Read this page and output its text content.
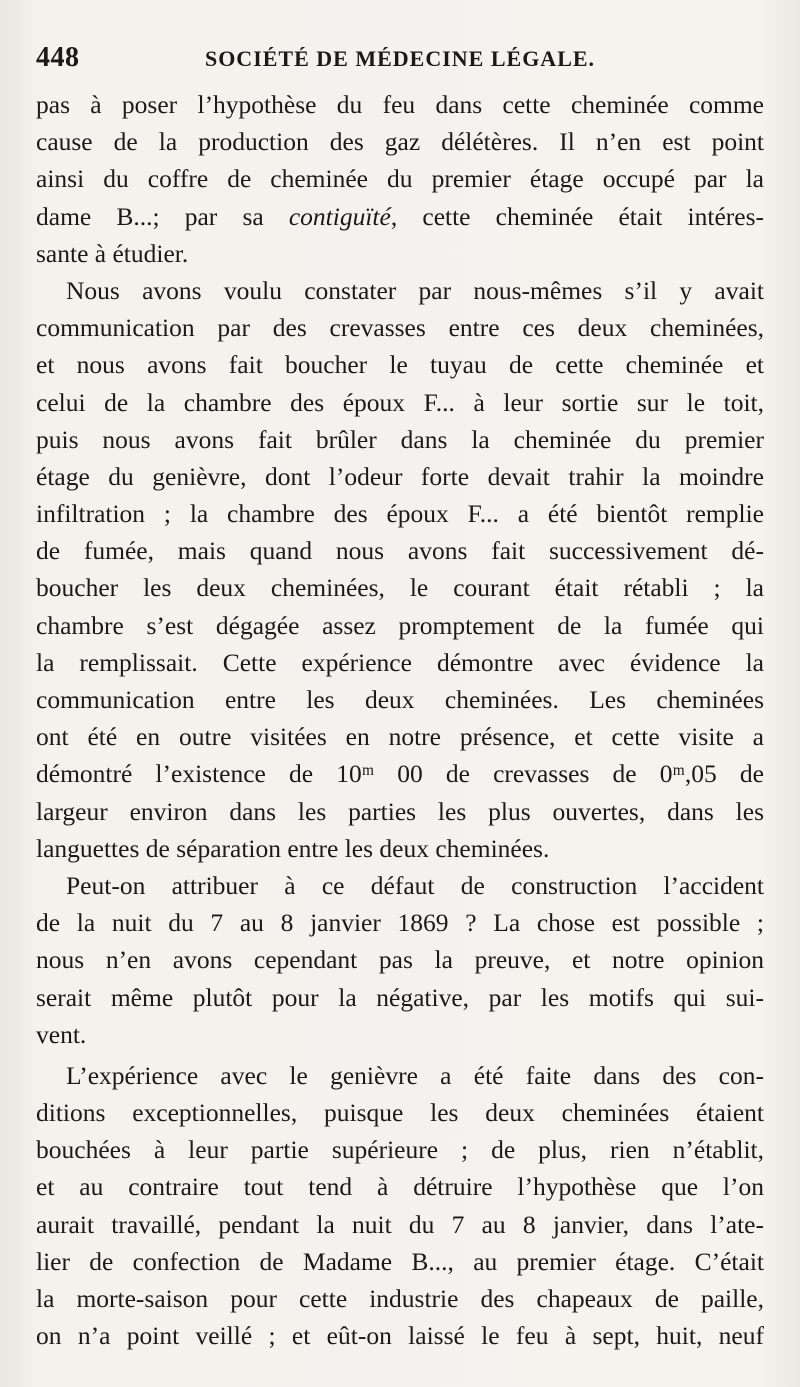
448	SOCIÉTÉ DE MÉDECINE LÉGALE.
pas à poser l’hypothèse du feu dans cette cheminée comme
cause de la production des gaz délétères. Il n’en est point
ainsi du coffre de cheminée du premier étage occupé par la
dame B...; par sa contiguïté, cette cheminée était intéres-
sante à étudier.
Nous avons voulu constater par nous-mêmes s’il y avait
communication par des crevasses entre ces deux cheminées,
et nous avons fait boucher le tuyau de cette cheminée et
celui de la chambre des époux F... à leur sortie sur le toit,
puis nous avons fait brûler dans la cheminée du premier
étage du genièvre, dont l’odeur forte devait trahir la moindre
infiltration ; la chambre des époux F... a été bientôt remplie
de fumée, mais quand nous avons fait successivement dé-
boucher les deux cheminées, le courant était rétabli ; la
chambre s’est dégagée assez promptement de la fumée qui
la remplissait. Cette expérience démontre avec évidence la
communication entre les deux cheminées. Les cheminées
ont été en outre visitées en notre présence, et cette visite a
démontré l’existence de 10ᵐ 00 de crevasses de 0ᵐ,05 de
largeur environ dans les parties les plus ouvertes, dans les
languettes de séparation entre les deux cheminées.
Peut-on attribuer à ce défaut de construction l’accident
de la nuit du 7 au 8 janvier 1869 ? La chose est possible ;
nous n’en avons cependant pas la preuve, et notre opinion
serait même plutôt pour la négative, par les motifs qui sui-
vent.
L’expérience avec le genièvre a été faite dans des con-
ditions exceptionnelles, puisque les deux cheminées étaient
bouchées à leur partie supérieure ; de plus, rien n’établit,
et au contraire tout tend à détruire l’hypothèse que l’on
aurait travaillé, pendant la nuit du 7 au 8 janvier, dans l’ate-
lier de confection de Madame B..., au premier étage. C’était
la morte-saison pour cette industrie des chapeaux de paille,
on n’a point veillé ; et eût-on laissé le feu à sept, huit, neuf
